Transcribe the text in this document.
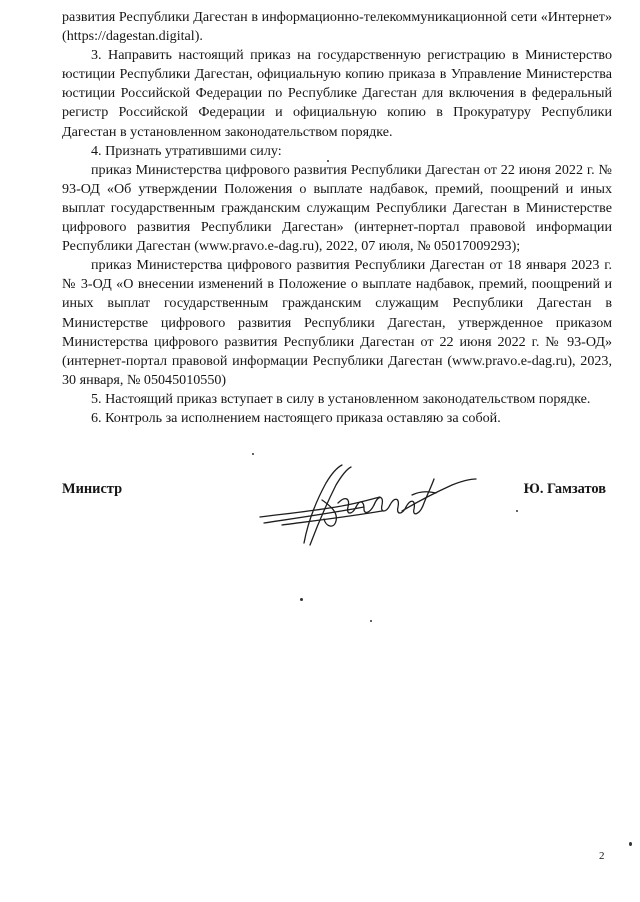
развития Республики Дагестан в информационно-телекоммуникационной сети «Интернет» (https://dagestan.digital).

3. Направить настоящий приказ на государственную регистрацию в Министерство юстиции Республики Дагестан, официальную копию приказа в Управление Министерства юстиции Российской Федерации по Республике Дагестан для включения в федеральный регистр Российской Федерации и официальную копию в Прокуратуру Республики Дагестан в установленном законодательством порядке.

4. Признать утратившими силу:

приказ Министерства цифрового развития Республики Дагестан от 22 июня 2022 г. № 93-ОД «Об утверждении Положения о выплате надбавок, премий, поощрений и иных выплат государственным гражданским служащим Республики Дагестан в Министерстве цифрового развития Республики Дагестан» (интернет-портал правовой информации Республики Дагестан (www.pravo.e-dag.ru), 2022, 07 июля, № 05017009293);

приказ Министерства цифрового развития Республики Дагестан от 18 января 2023 г. № 3-ОД «О внесении изменений в Положение о выплате надбавок, премий, поощрений и иных выплат государственным гражданским служащим Республики Дагестан в Министерстве цифрового развития Республики Дагестан, утвержденное приказом Министерства цифрового развития Республики Дагестан от 22 июня 2022 г. № 93-ОД» (интернет-портал правовой информации Республики Дагестан (www.pravo.e-dag.ru), 2023, 30 января, № 05045010550)

5. Настоящий приказ вступает в силу в установленном законодательством порядке.

6. Контроль за исполнением настоящего приказа оставляю за собой.

Министр	Ю. Гамзатов
2
